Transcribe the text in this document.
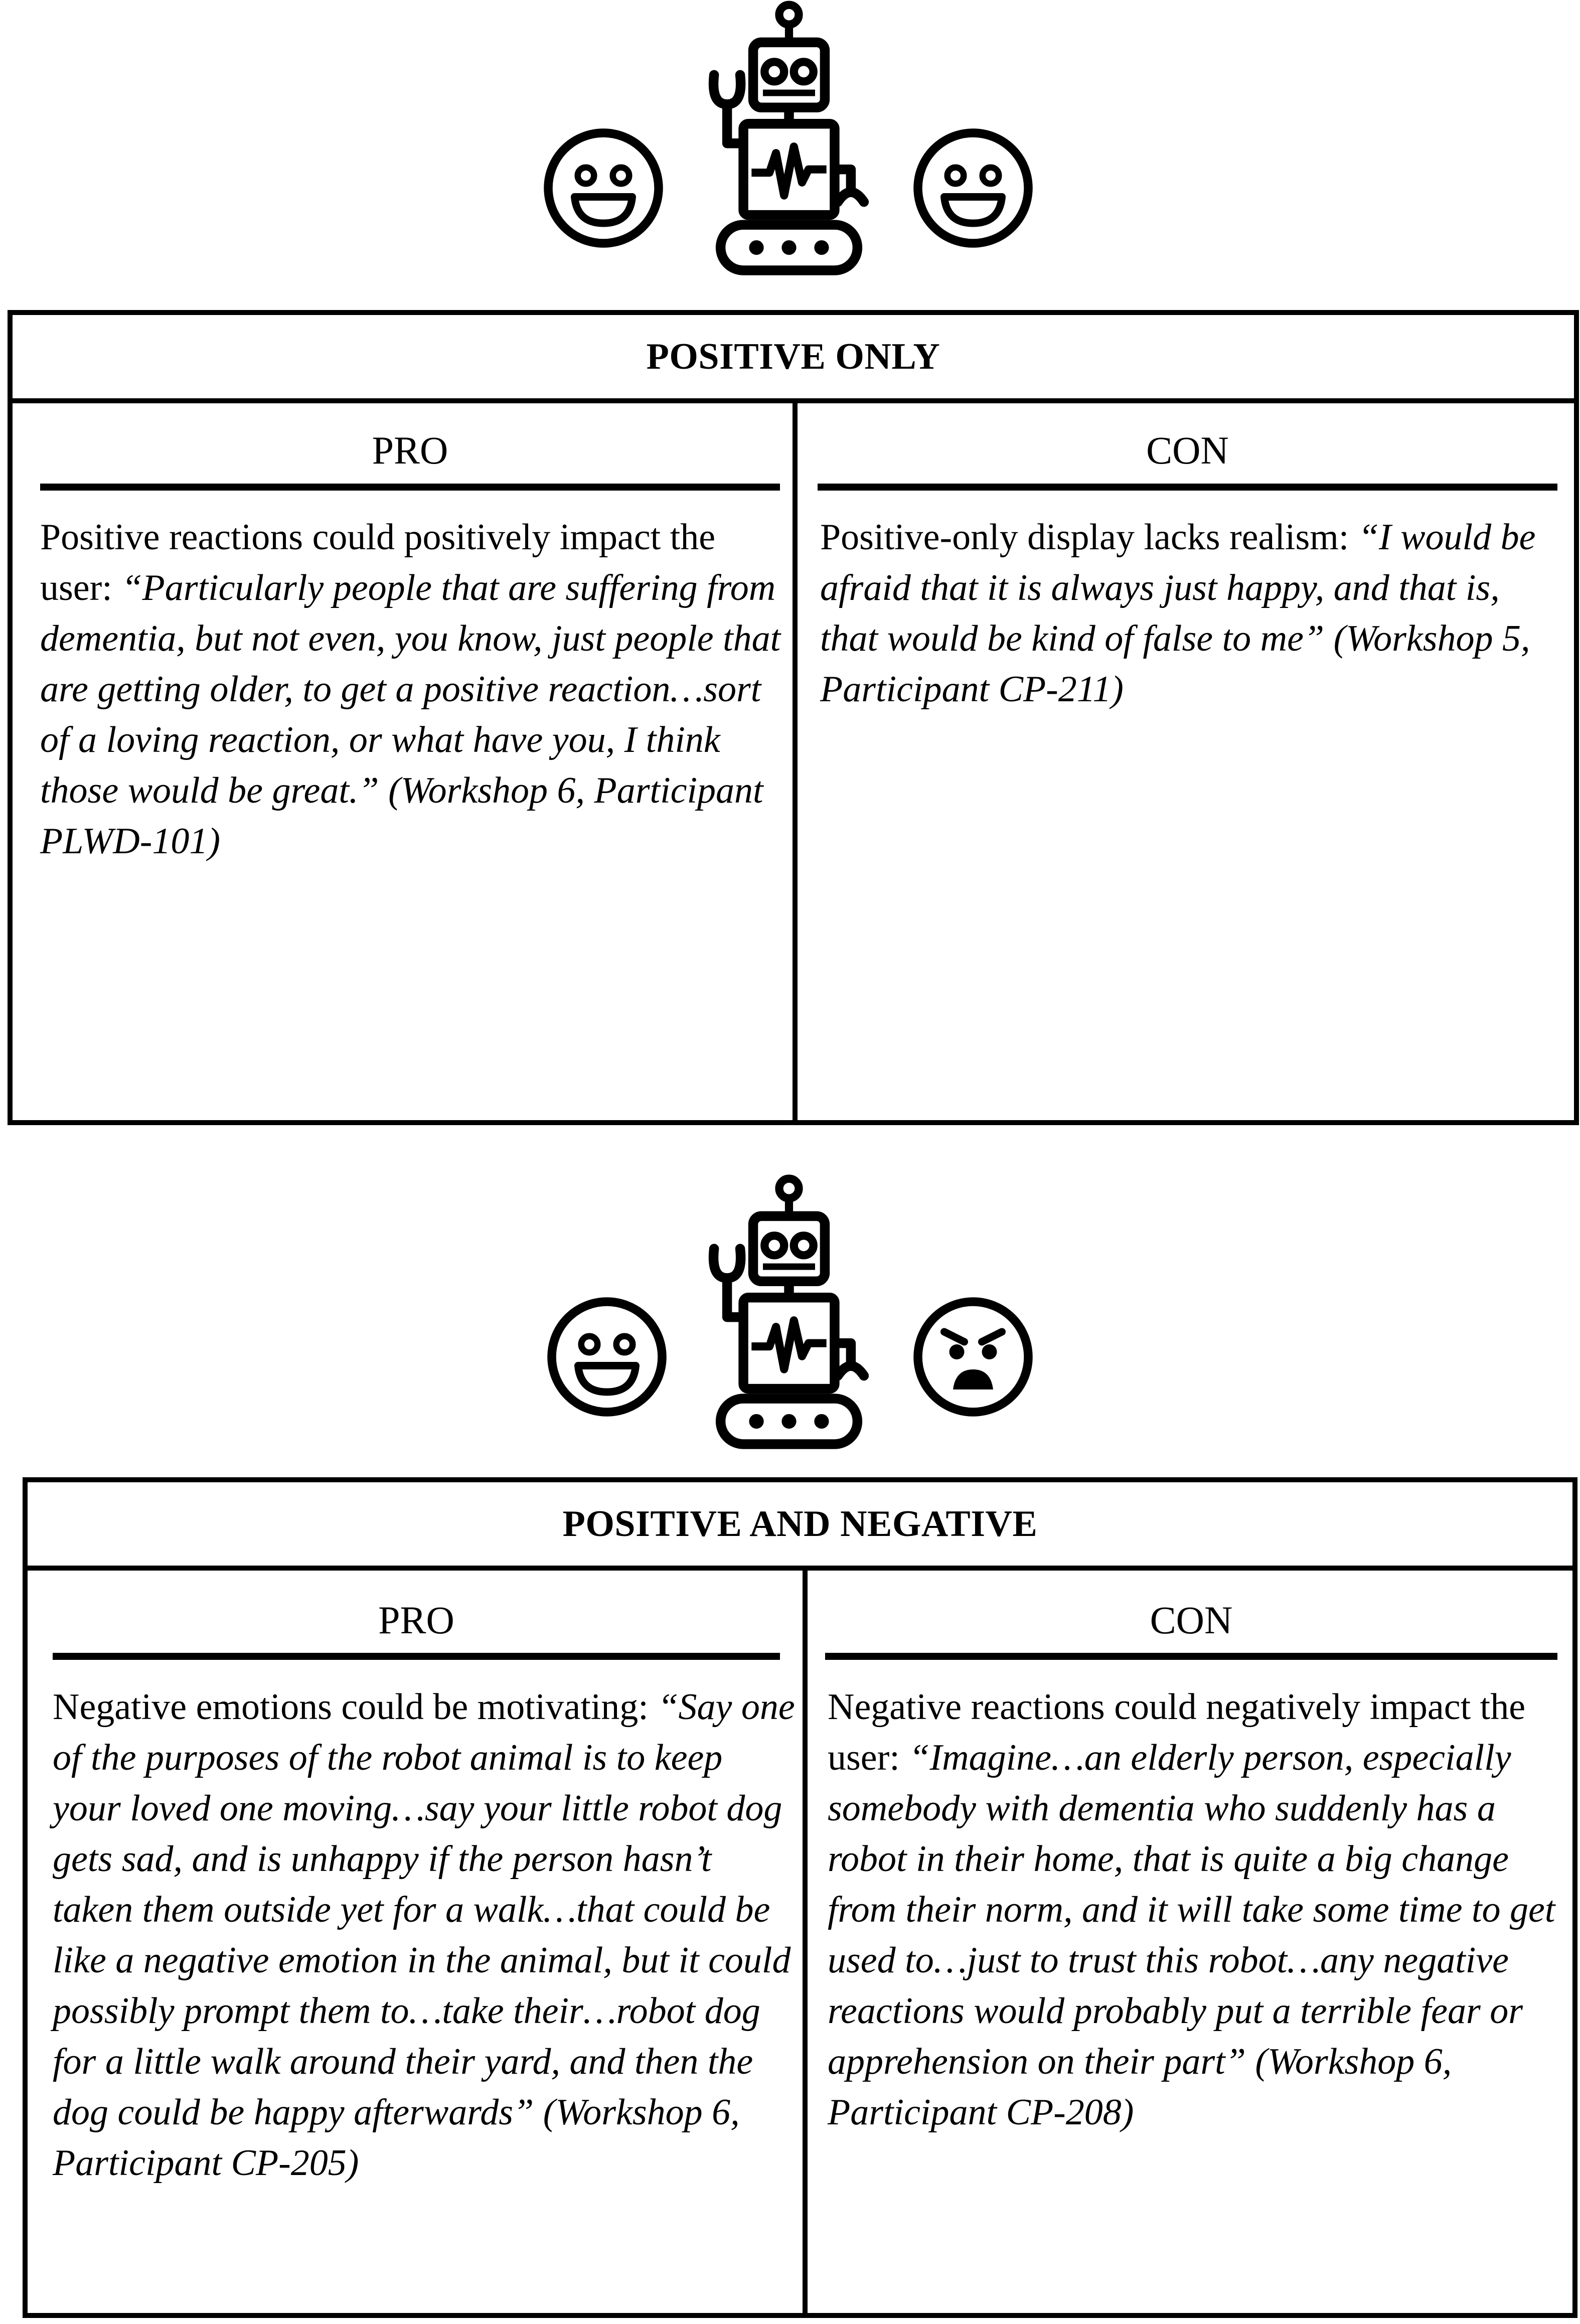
POSITIVE ONLY
PRO
Positive reactions could positively impact the user: “Particularly people that are suffering from dementia, but not even, you know, just people that are getting older, to get a positive reaction…sort of a loving reaction, or what have you, I think those would be great.” (Workshop 6, Participant PLWD-101)
CON
Positive-only display lacks realism: “I would be afraid that it is always just happy, and that is, that would be kind of false to me” (Workshop 5, Participant CP-211)
POSITIVE AND NEGATIVE
PRO
Negative emotions could be motivating: “Say one of the purposes of the robot animal is to keep your loved one moving…say your little robot dog gets sad, and is unhappy if the person hasn’t taken them outside yet for a walk…that could be like a negative emotion in the animal, but it could possibly prompt them to…take their…robot dog for a little walk around their yard, and then the dog could be happy afterwards” (Workshop 6, Participant CP-205)
CON
Negative reactions could negatively impact the user: “Imagine…an elderly person, especially somebody with dementia who suddenly has a robot in their home, that is quite a big change from their norm, and it will take some time to get used to…just to trust this robot…any negative reactions would probably put a terrible fear or apprehension on their part” (Workshop 6, Participant CP-208)
